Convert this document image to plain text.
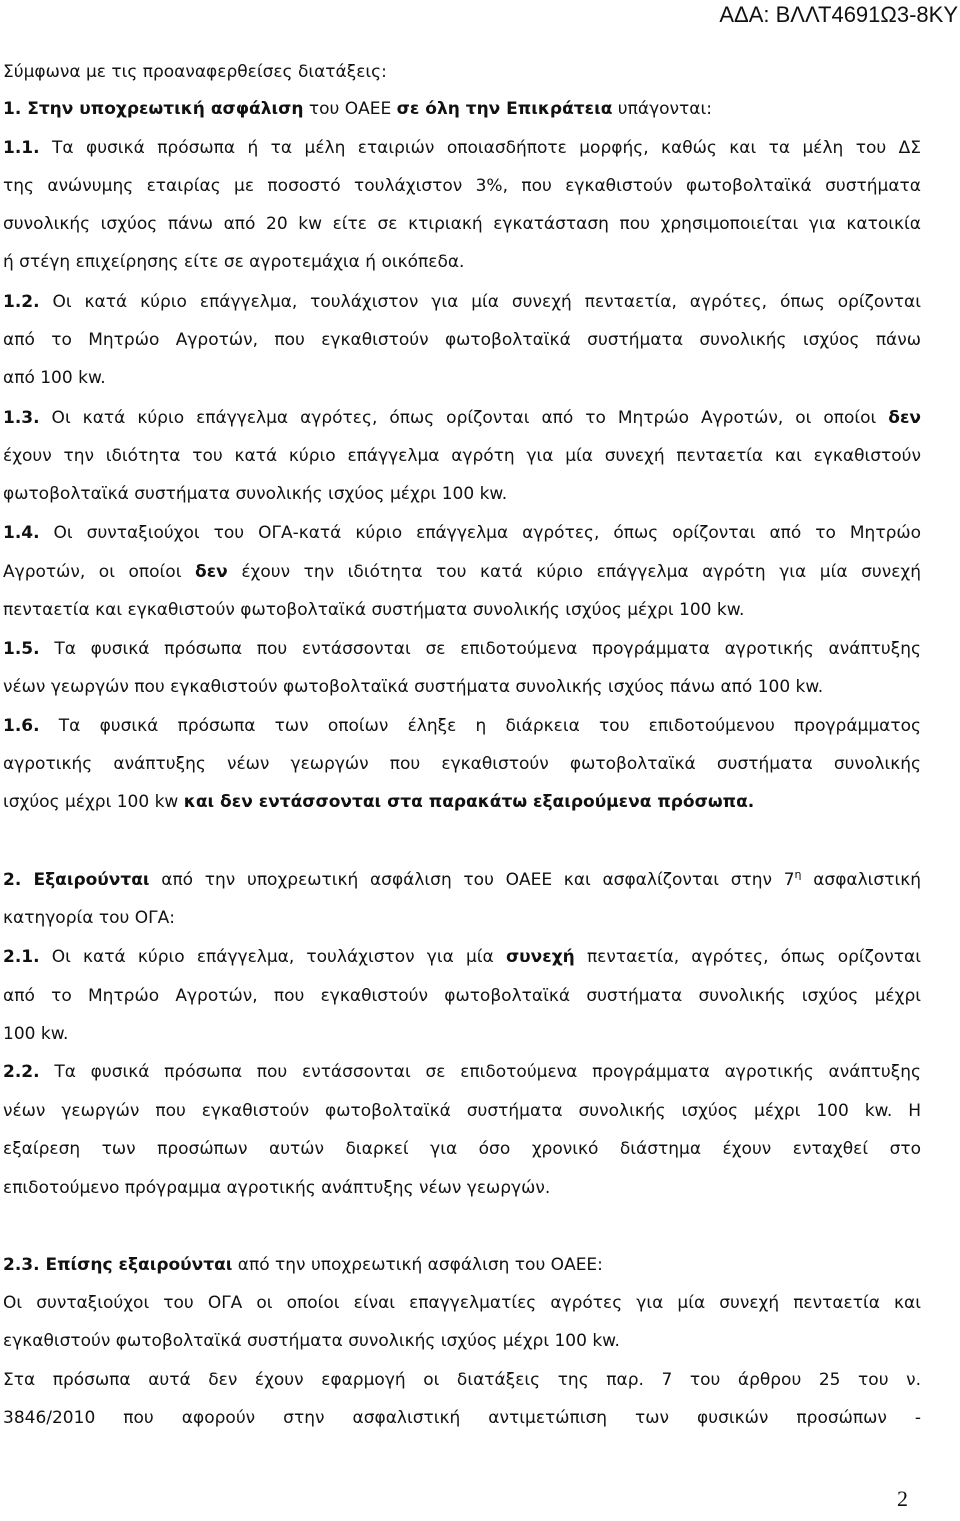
ΑΔΑ: ΒΛΛΤ4691Ω3-8ΚΥ
Σύμφωνα με τις προαναφερθείσες διατάξεις:
1. Στην υποχρεωτική ασφάλιση του ΟΑΕΕ σε όλη την Επικράτεια υπάγονται:
1.1. Τα φυσικά πρόσωπα ή τα μέλη εταιριών οποιασδήποτε μορφής, καθώς και τα μέλη του ΔΣ
της ανώνυμης εταιρίας με ποσοστό τουλάχιστον 3%, που εγκαθιστούν φωτοβολταϊκά συστήματα
συνολικής ισχύος πάνω από 20 kw είτε σε κτιριακή εγκατάσταση που χρησιμοποιείται για κατοικία
ή στέγη επιχείρησης είτε σε αγροτεμάχια ή οικόπεδα.
1.2. Οι κατά κύριο επάγγελμα, τουλάχιστον για μία συνεχή πενταετία, αγρότες, όπως ορίζονται
από το Μητρώο Αγροτών, που εγκαθιστούν φωτοβολταϊκά συστήματα συνολικής ισχύος πάνω
από 100 kw.
1.3. Οι κατά κύριο επάγγελμα αγρότες, όπως ορίζονται από το Μητρώο Αγροτών, οι οποίοι δεν
έχουν την ιδιότητα του κατά κύριο επάγγελμα αγρότη για μία συνεχή πενταετία και εγκαθιστούν
φωτοβολταϊκά συστήματα συνολικής ισχύος μέχρι 100 kw.
1.4. Οι συνταξιούχοι του ΟΓΑ-κατά κύριο επάγγελμα αγρότες, όπως ορίζονται από το Μητρώο
Αγροτών, οι οποίοι δεν έχουν την ιδιότητα του κατά κύριο επάγγελμα αγρότη για μία συνεχή
πενταετία και εγκαθιστούν φωτοβολταϊκά συστήματα συνολικής ισχύος μέχρι 100 kw.
1.5. Τα φυσικά πρόσωπα που εντάσσονται σε επιδοτούμενα προγράμματα αγροτικής ανάπτυξης
νέων γεωργών που εγκαθιστούν φωτοβολταϊκά συστήματα συνολικής ισχύος πάνω από 100 kw.
1.6. Τα φυσικά πρόσωπα των οποίων έληξε η διάρκεια του επιδοτούμενου προγράμματος
αγροτικής ανάπτυξης νέων γεωργών που εγκαθιστούν φωτοβολταϊκά συστήματα συνολικής
ισχύος μέχρι 100 kw και δεν εντάσσονται στα παρακάτω εξαιρούμενα πρόσωπα.
2. Εξαιρούνται από την υποχρεωτική ασφάλιση του ΟΑΕΕ και ασφαλίζονται στην $7^\eta$ ασφαλιστική
κατηγορία του ΟΓΑ:
2.1. Οι κατά κύριο επάγγελμα, τουλάχιστον για μία συνεχή πενταετία, αγρότες, όπως ορίζονται
από το Μητρώο Αγροτών, που εγκαθιστούν φωτοβολταϊκά συστήματα συνολικής ισχύος μέχρι
100 kw.
2.2. Τα φυσικά πρόσωπα που εντάσσονται σε επιδοτούμενα προγράμματα αγροτικής ανάπτυξης
νέων γεωργών που εγκαθιστούν φωτοβολταϊκά συστήματα συνολικής ισχύος μέχρι 100 kw. Η
εξαίρεση των προσώπων αυτών διαρκεί για όσο χρονικό διάστημα έχουν ενταχθεί στο
επιδοτούμενο πρόγραμμα αγροτικής ανάπτυξης νέων γεωργών.
2.3. Επίσης εξαιρούνται από την υποχρεωτική ασφάλιση του ΟΑΕΕ:
Οι συνταξιούχοι του ΟΓΑ οι οποίοι είναι επαγγελματίες αγρότες για μία συνεχή πενταετία και
εγκαθιστούν φωτοβολταϊκά συστήματα συνολικής ισχύος μέχρι 100 kw.
Στα πρόσωπα αυτά δεν έχουν εφαρμογή οι διατάξεις της παρ. 7 του άρθρου 25 του ν.
3846/2010 που αφορούν στην ασφαλιστική αντιμετώπιση των φυσικών προσώπων -
2
